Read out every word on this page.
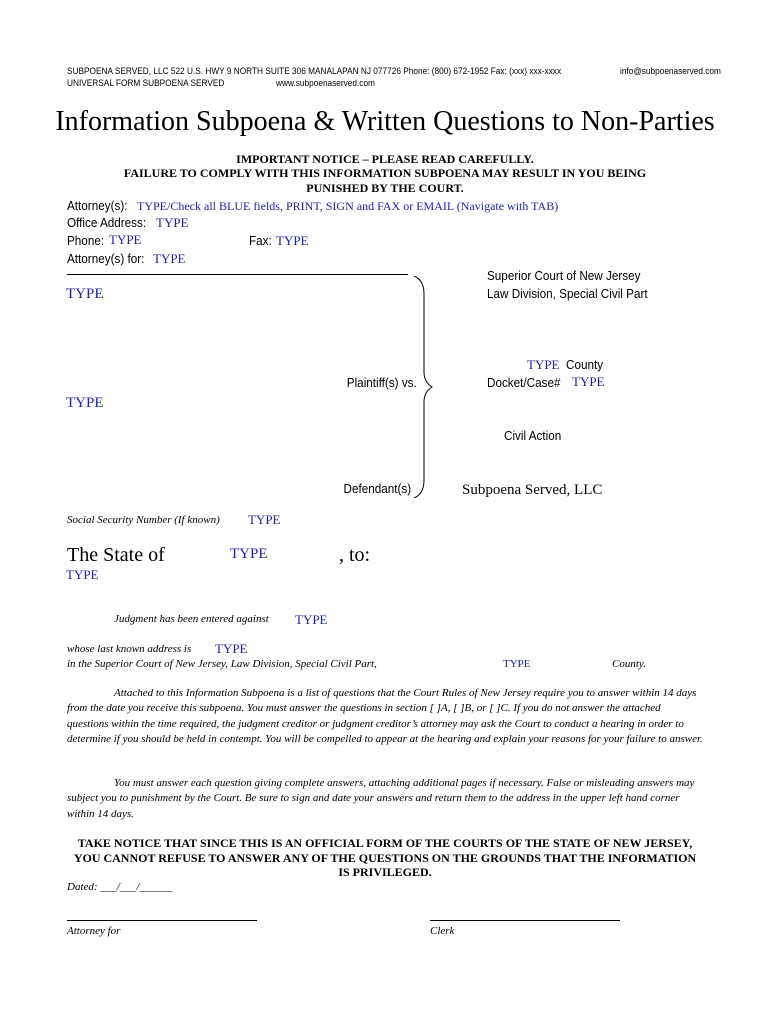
SUBPOENA SERVED, LLC 522 U.S. HWY 9 NORTH SUITE 306 MANALAPAN NJ 077726 Phone: (800) 672-1952 Fax: (xxx) xxx-xxxx	info@subpoenaserved.com
UNIVERSAL FORM SUBPOENA SERVED	www.subpoenaserved.com
Information Subpoena & Written Questions to Non-Parties
IMPORTANT NOTICE – PLEASE READ CAREFULLY.
FAILURE TO COMPLY WITH THIS INFORMATION SUBPOENA MAY RESULT IN YOU BEING
PUNISHED BY THE COURT.
Attorney(s): TYPE/Check all BLUE fields, PRINT, SIGN and FAX or EMAIL (Navigate with TAB)
Office Address: TYPE
Phone: TYPE	Fax: TYPE
Attorney(s) for: TYPE
TYPE
Plaintiff(s) vs.
TYPE
Defendant(s)
Superior Court of New Jersey
Law Division, Special Civil Part
TYPE County
Docket/Case# TYPE
Civil Action
Subpoena Served, LLC
Social Security Number (If known) TYPE
The State of	TYPE	, to:
TYPE
Judgment has been entered against TYPE
whose last known address is TYPE
in the Superior Court of New Jersey, Law Division, Special Civil Part,	TYPE	County.
Attached to this Information Subpoena is a list of questions that the Court Rules of New Jersey require you to answer within 14 days from the date you receive this subpoena. You must answer the questions in section [ ]A, [ ]B, or [ ]C. If you do not answer the attached questions within the time required, the judgment creditor or judgment creditor’s attorney may ask the Court to conduct a hearing in order to determine if you should be held in contempt. You will be compelled to appear at the hearing and explain your reasons for your failure to answer.
You must answer each question giving complete answers, attaching additional pages if necessary. False or misleading answers may subject you to punishment by the Court. Be sure to sign and date your answers and return them to the address in the upper left hand corner within 14 days.
TAKE NOTICE THAT SINCE THIS IS AN OFFICIAL FORM OF THE COURTS OF THE STATE OF NEW JERSEY, YOU CANNOT REFUSE TO ANSWER ANY OF THE QUESTIONS ON THE GROUNDS THAT THE INFORMATION IS PRIVILEGED.
Dated: ___/___/______
Attorney for	Clerk
